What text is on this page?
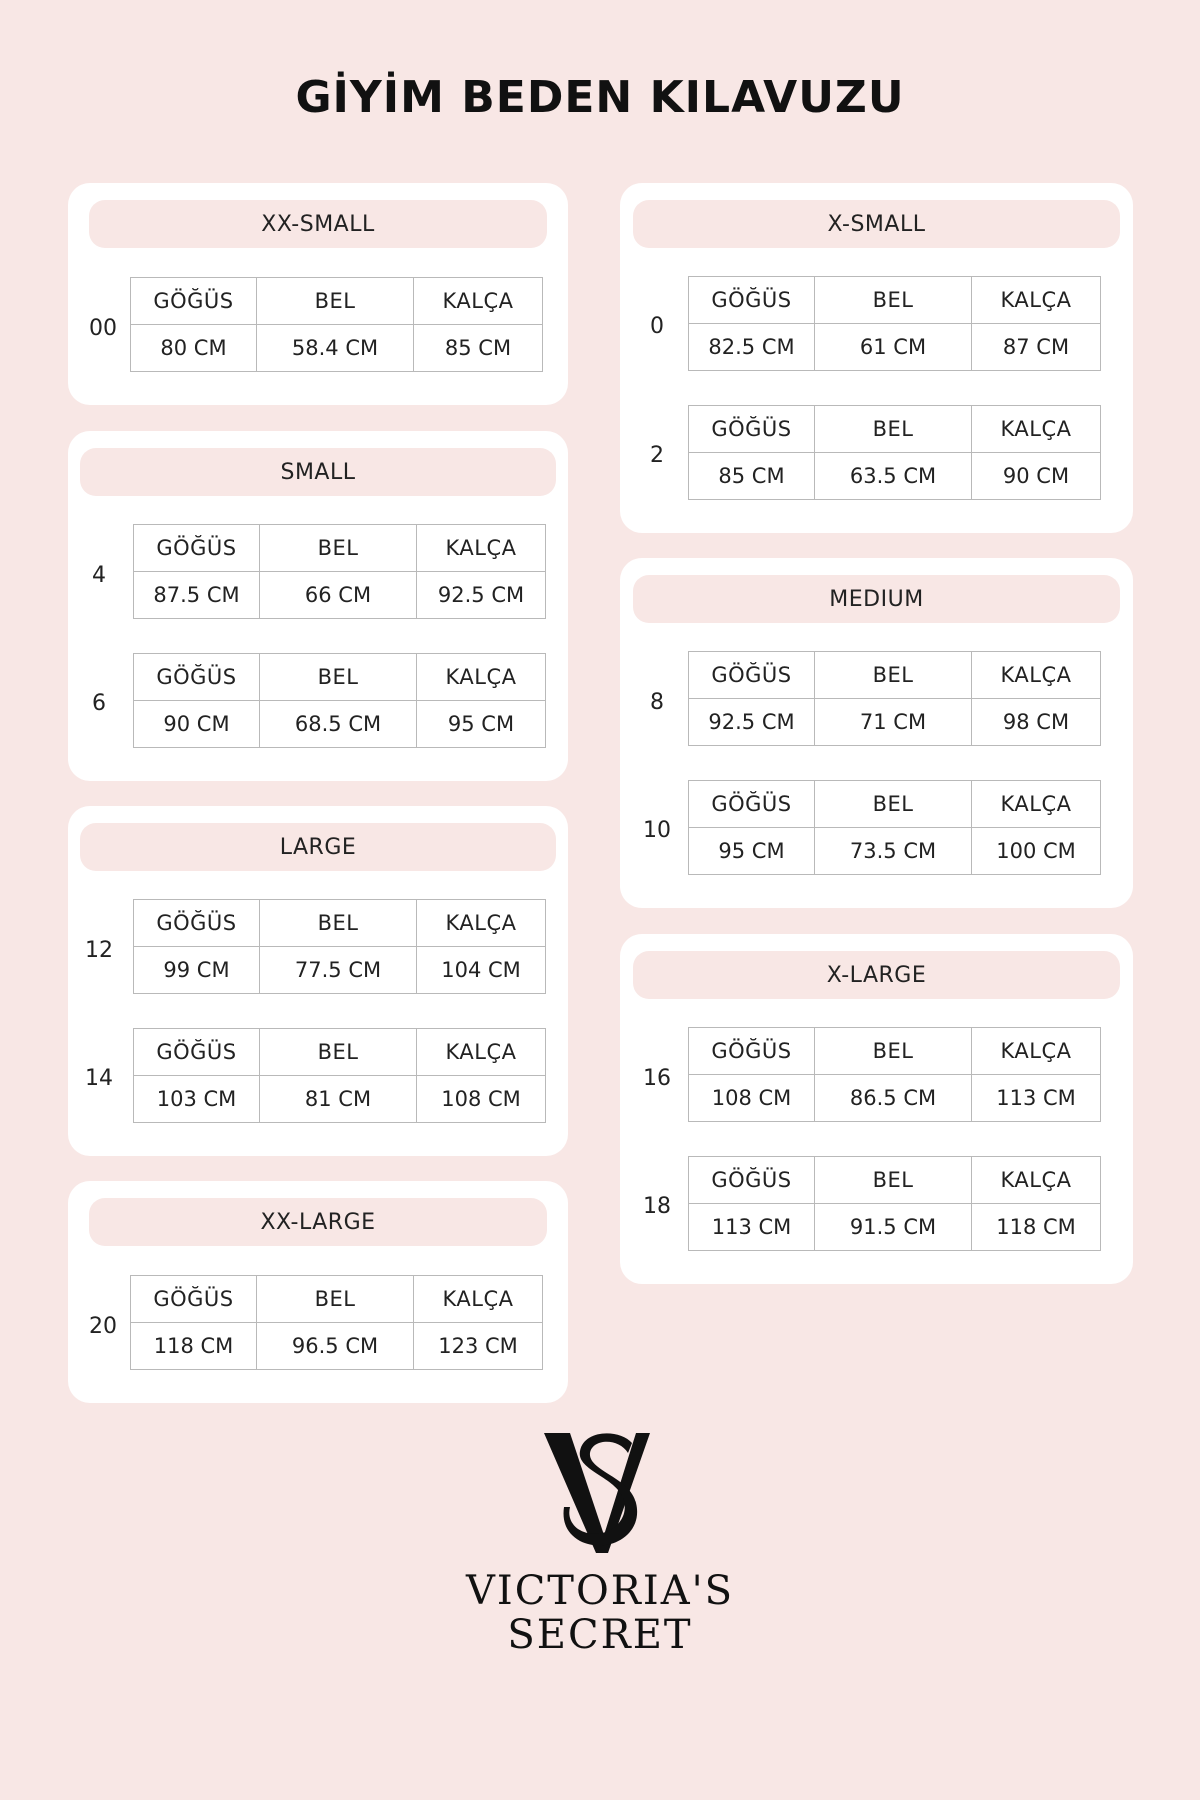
GİYİM BEDEN KILAVUZU
XX-SMALL
00
GÖĞÜS	BEL	KALÇA
80 CM	58.4 CM	85 CM
SMALL
4
GÖĞÜS	BEL	KALÇA
87.5 CM	66 CM	92.5 CM
6
GÖĞÜS	BEL	KALÇA
90 CM	68.5 CM	95 CM
LARGE
12
GÖĞÜS	BEL	KALÇA
99 CM	77.5 CM	104 CM
14
GÖĞÜS	BEL	KALÇA
103 CM	81 CM	108 CM
XX-LARGE
20
GÖĞÜS	BEL	KALÇA
118 CM	96.5 CM	123 CM
X-SMALL
0
GÖĞÜS	BEL	KALÇA
82.5 CM	61 CM	87 CM
2
GÖĞÜS	BEL	KALÇA
85 CM	63.5 CM	90 CM
MEDIUM
8
GÖĞÜS	BEL	KALÇA
92.5 CM	71 CM	98 CM
10
GÖĞÜS	BEL	KALÇA
95 CM	73.5 CM	100 CM
X-LARGE
16
GÖĞÜS	BEL	KALÇA
108 CM	86.5 CM	113 CM
18
GÖĞÜS	BEL	KALÇA
113 CM	91.5 CM	118 CM
VICTORIA'S
SECRET
